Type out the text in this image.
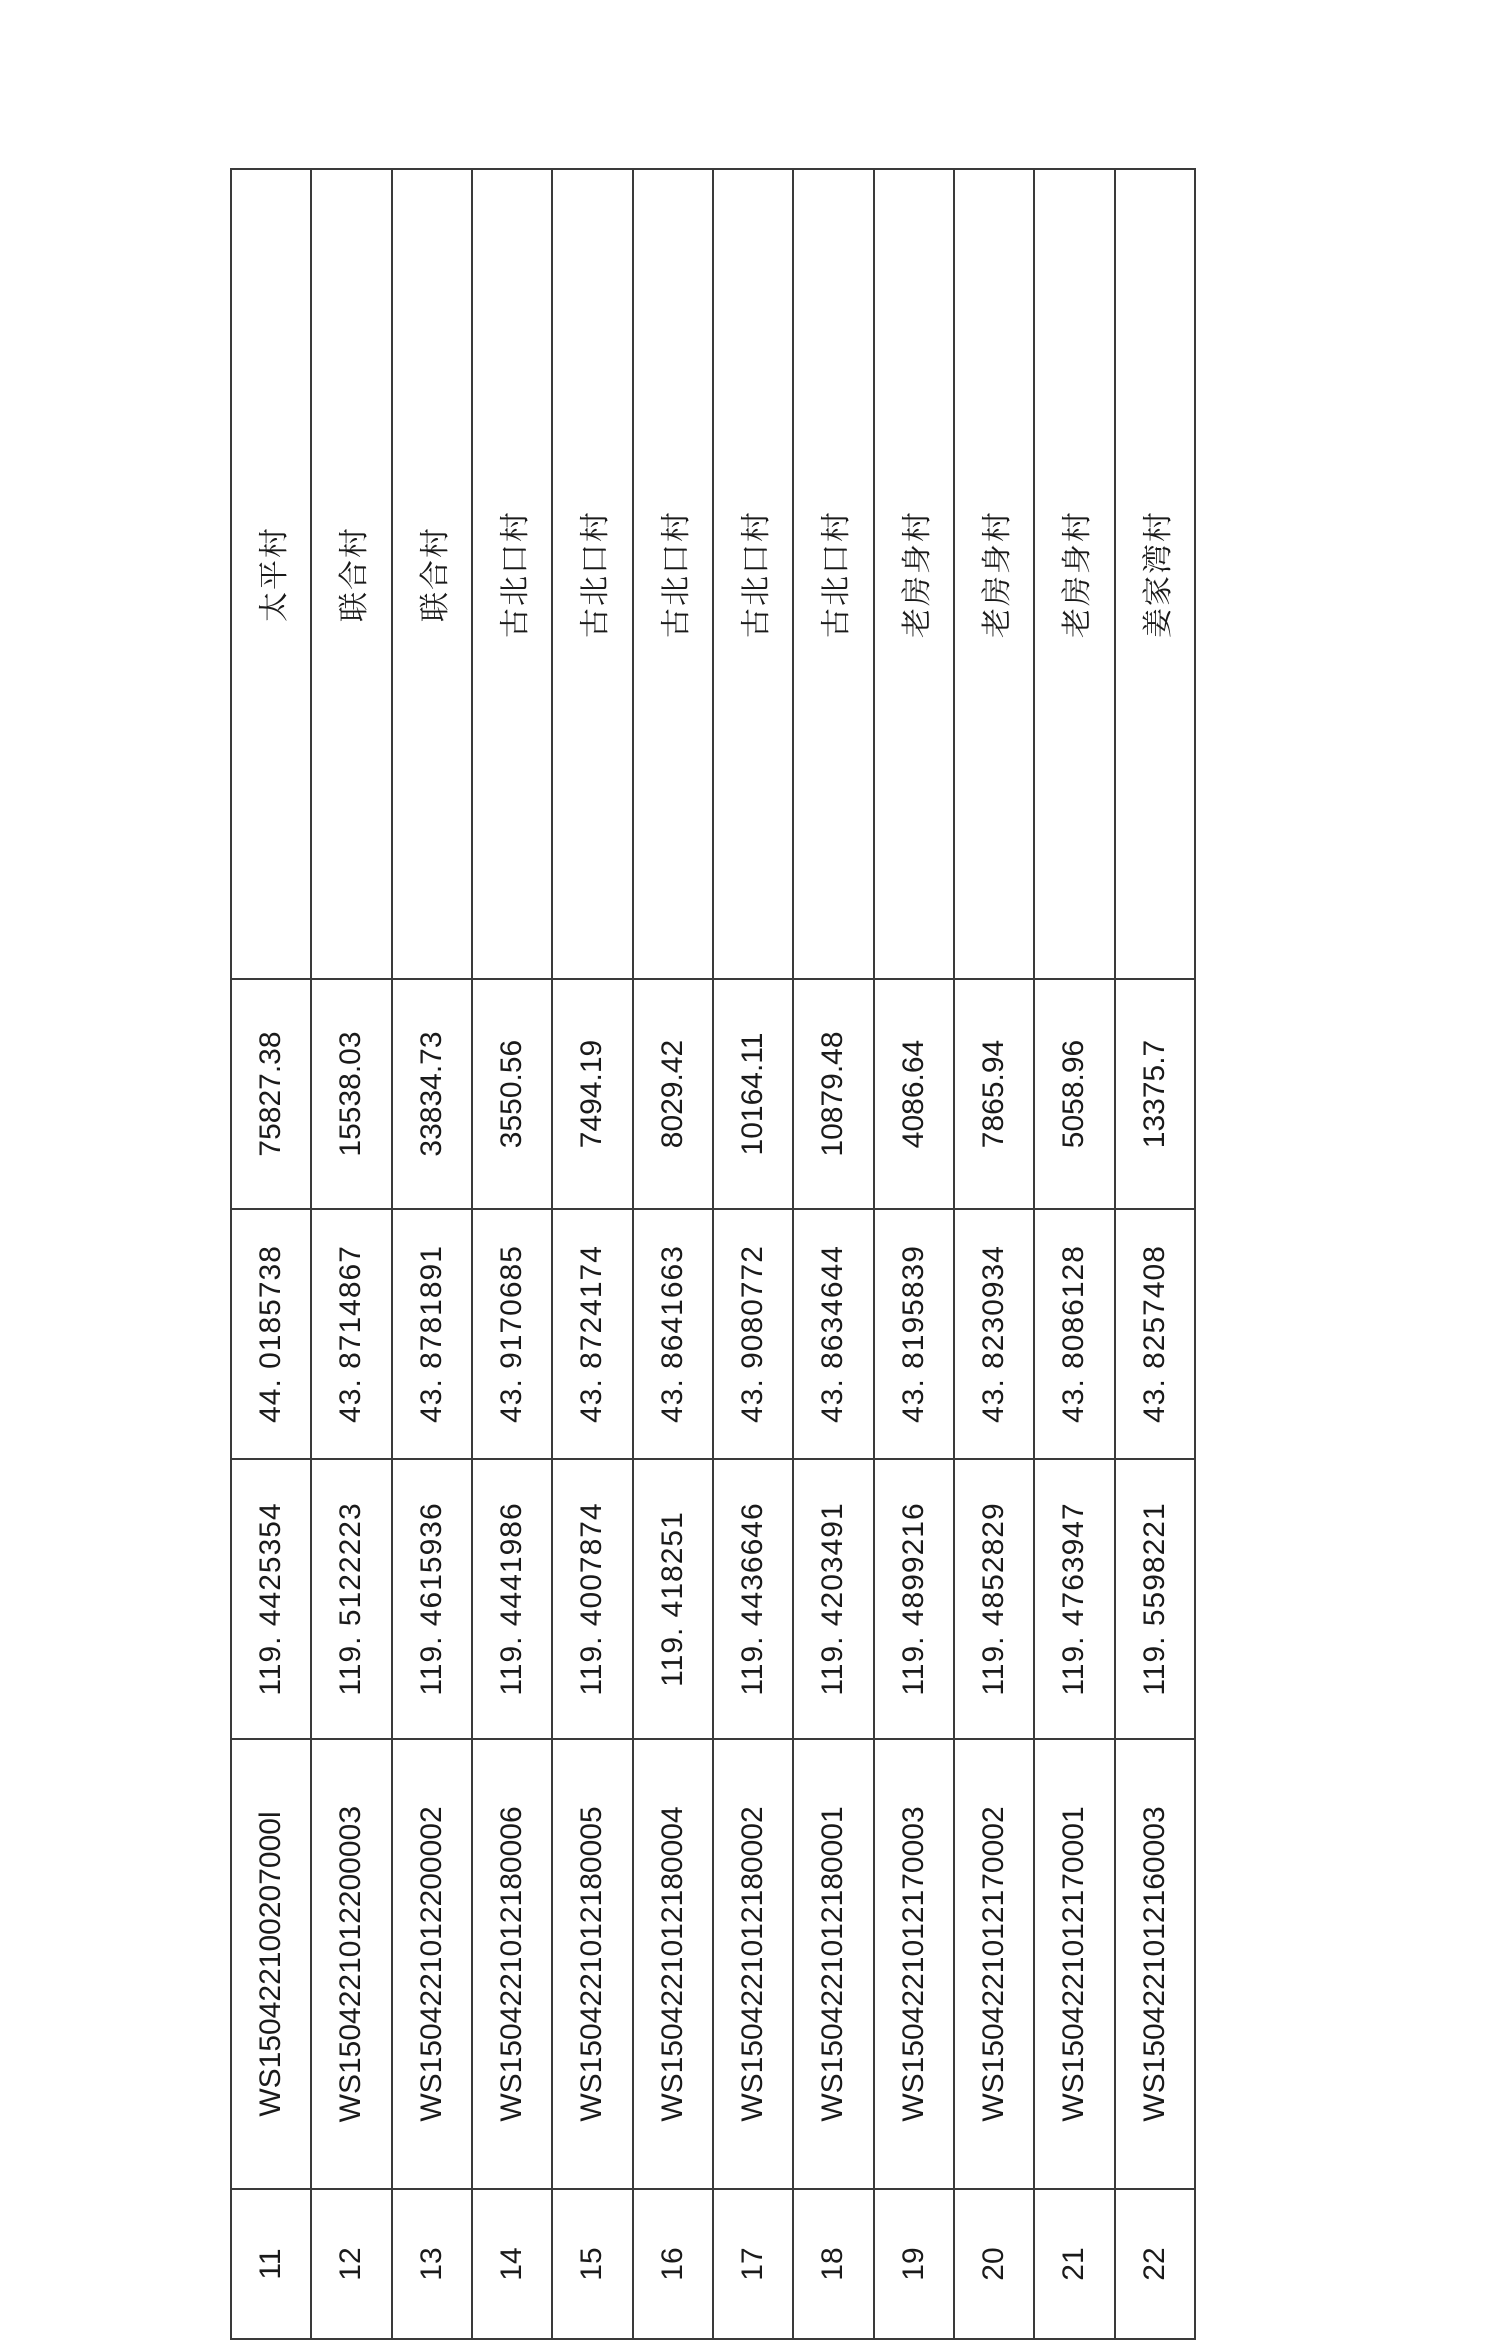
11	WS150422100207000l	119. 4425354	44. 0185738	75827.38	太平村
12	WS150422101220000З	119. 5122223	43. 8714867	15538.03	联合村
13	WS1504221012200002	119. 4615936	43. 8781891	33834.73	联合村
14	WS1504221012180006	119. 4441986	43. 9170685	3550.56	古北口村
15	WS1504221012180005	119. 4007874	43. 8724174	7494.19	古北口村
16	WS1504221012180004	119. 418251	43. 8641663	8029.42	古北口村
17	WS1504221012180002	119. 4436646	43. 9080772	10164.11	古北口村
18	WS1504221012180001	119. 4203491	43. 8634644	10879.48	古北口村
19	WS1504221012170003	119. 4899216	43. 8195839	4086.64	老房身村
20	WS1504221012170002	119. 4852829	43. 8230934	7865.94	老房身村
21	WS1504221012170001	119. 4763947	43. 8086128	5058.96	老房身村
22	WS1504221012160003	119. 5598221	43. 8257408	13375.7	姜家湾村
